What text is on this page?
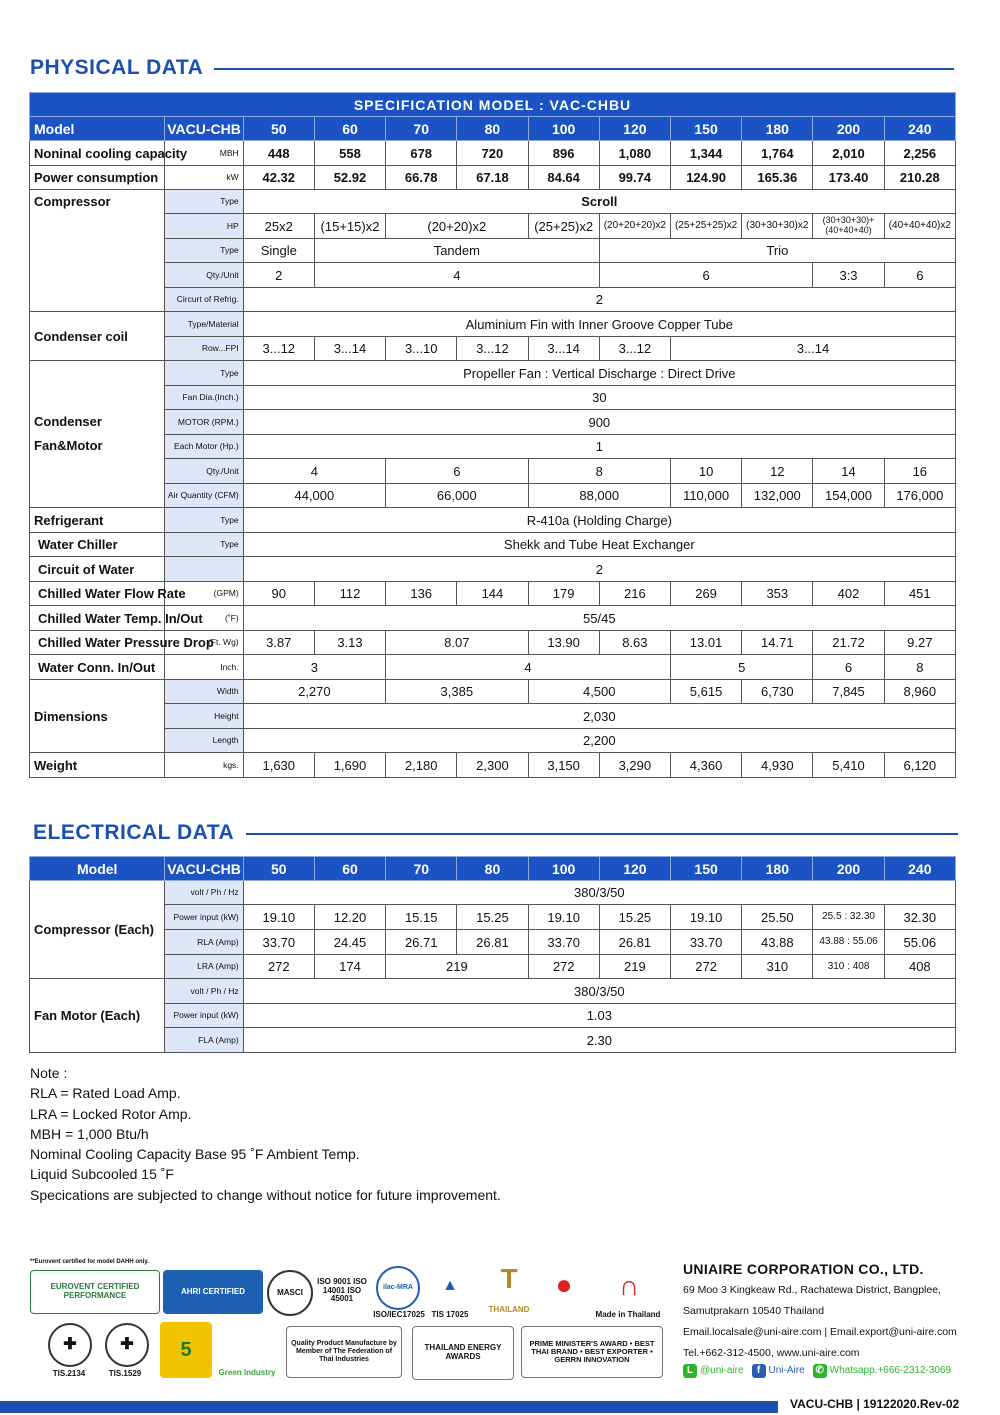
PHYSICAL DATA
SPECIFICATION MODEL : VAC-CHBU											
Model	VACU-CHB	50	60	70	80	100	120	150	180	200	240
Noninal cooling capacity	MBH	448	558	678	720	896	1,080	1,344	1,764	2,010	2,256
Power consumption	kW	42.32	52.92	66.78	67.18	84.64	99.74	124.90	165.36	173.40	210.28
Compressor	Type	Scroll									
	HP	25x2	(15+15)x2	(20+20)x2		(25+25)x2	(20+20+20)x2	(25+25+25)x2	(30+30+30)x2	(30+30+30)+(40+40+40)	(40+40+40)x2
	Type	Single	Tandem				Trio				
	Qty./Unit	2	4				6			3:3	6
	Circurt of Refrig.	2									
Condenser coil	Type/Material	Aluminium Fin with Inner Groove Copper Tube									
	Row...FPI	3...12	3...14	3...10	3...12	3...14	3...12	3...14			

Condenser
Fan&Motor	Type	Propeller Fan : Vertical Discharge : Direct Drive									
	Fan Dia.(Inch.)	30									
	MOTOR (RPM.)	900									
	Each Motor (Hp.)	1									
	Qty./Unit	4		6		8		10	12	14	16
	Air Quantity (CFM)	44,000		66,000		88,000		110,000	132,000	154,000	176,000
Refrigerant	Type	R-410a (Holding Charge)									
Water Chiller	Type	Shekk and Tube Heat Exchanger									
Circuit of Water		2									
Chilled Water Flow Rate	(GPM)	90	112	136	144	179	216	269	353	402	451
Chilled Water Temp. In/Out	(˚F)	55/45									
Chilled Water Pressure Drop	(Ft. Wg)	3.87	3.13	8.07		13.90	8.63	13.01	14.71	21.72	9.27
Water Conn. In/Out	Inch.	3		4				5		6	8
Dimensions	Width	2,270		3,385		4,500		5,615	6,730	7,845	8,960
	Height	2,030									
	Length	2,200									
Weight	kgs.	1,630	1,690	2,180	2,300	3,150	3,290	4,360	4,930	5,410	6,120
ELECTRICAL DATA
Model	VACU-CHB	50	60	70	80	100	120	150	180	200	240
Compressor (Each)	volt / Ph / Hz	380/3/50									
	Power input (kW)	19.10	12.20	15.15	15.25	19.10	15.25	19.10	25.50	25.5 : 32.30	32.30
	RLA (Amp)	33.70	24.45	26.71	26.81	33.70	26.81	33.70	43.88	43.88 : 55.06	55.06
	LRA (Amp)	272	174	219		272	219	272	310	310 : 408	408
Fan Motor (Each)	volt / Ph / Hz	380/3/50									
	Power input (kW)	1.03									
	FLA (Amp)	2.30									
Note :
RLA = Rated Load Amp.
LRA = Locked Rotor Amp.
MBH = 1,000 Btu/h
Nominal Cooling Capacity Base 95 ˚F Ambient Temp.
Liquid Subcooled 15 ˚F
Specications are subjected to change without notice for future improvement.
**Eurovent certified for model DAHH only.
EUROVENT CERTIFIED PERFORMANCE	AHRI CERTIFIED	MASCI
ISO 9001 ISO 14001 ISO 45001
ilac-MRA
ISO/IEC17025
▲
TIS 17025
T
THAILAND
●	∩
Made in Thailand
✚
TIS.2134
✚
TIS.1529
5
Green Industry
Quality Product Manufacture by Member of The Federation of Thai Industries
THAILAND ENERGY AWARDS
PRIME MINISTER'S AWARD • BEST THAI BRAND • BEST EXPORTER • GERRN INNOVATION
UNIAIRE CORPORATION CO., LTD.
69 Moo 3 Kingkeaw Rd., Rachatewa District, Bangplee,
Samutprakarn 10540 Thailand
Email.localsale@uni-aire.com | Email.export@uni-aire.com
Tel.+662-312-4500, www.uni-aire.com
L @uni-aire	f Uni-Aire ✆ Whatsapp.+666-2312-3069
VACU-CHB | 19122020.Rev-02
